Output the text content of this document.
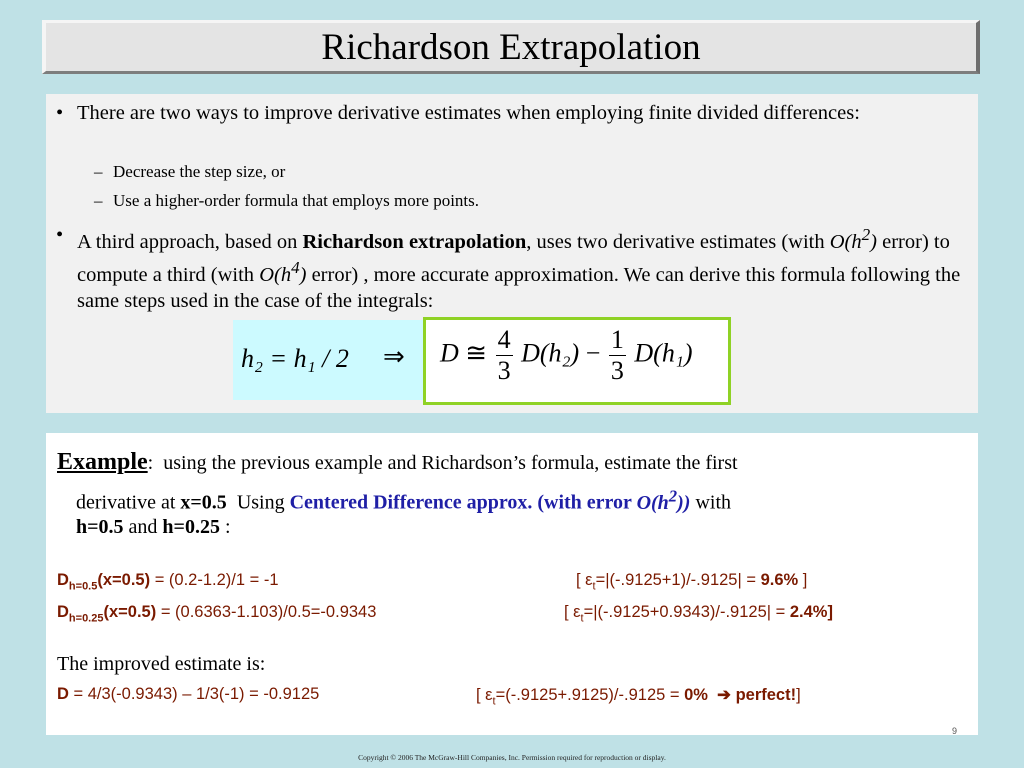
Richardson Extrapolation
• There are two ways to improve derivative estimates when employing finite divided differences:
– Decrease the step size, or
– Use a higher-order formula that employs more points.
• A third approach, based on Richardson extrapolation, uses two derivative estimates (with $O(h^2)$ error) to compute a third (with $O(h^4)$ error) , more accurate approximation. We can derive this formula following the same steps used in the case of the integrals:
h₂ = h₁ / 2 ⇒ D ≅ $\frac{4}{3} D(h_2) - \frac{1}{3} D(h_1)$
Example: using the previous example and Richardson’s formula, estimate the first
derivative at x=0.5 Using Centered Difference approx. (with error $O(h^2)$) with
h=0.5 and h=0.25 :
$D_{h=0.5}(x=0.5) = (0.2-1.2)/1 = -1$	[ $\varepsilon_t=|(-.9125+1)/-.9125| = 9.6\%$ ]
$D_{h=0.25}(x=0.5) = (0.6363-1.103)/0.5=-0.9343$	[ $\varepsilon_t=|(-.9125+0.9343)/-.9125| = 2.4\%$]
The improved estimate is:
D = 4/3(-0.9343) – 1/3(-1) = -0.9125	[ $\varepsilon_t=(-.9125+.9125)/-.9125 = 0\%$ ➔ perfect!]
9
Copyright © 2006 The McGraw-Hill Companies, Inc. Permission required for reproduction or display.
